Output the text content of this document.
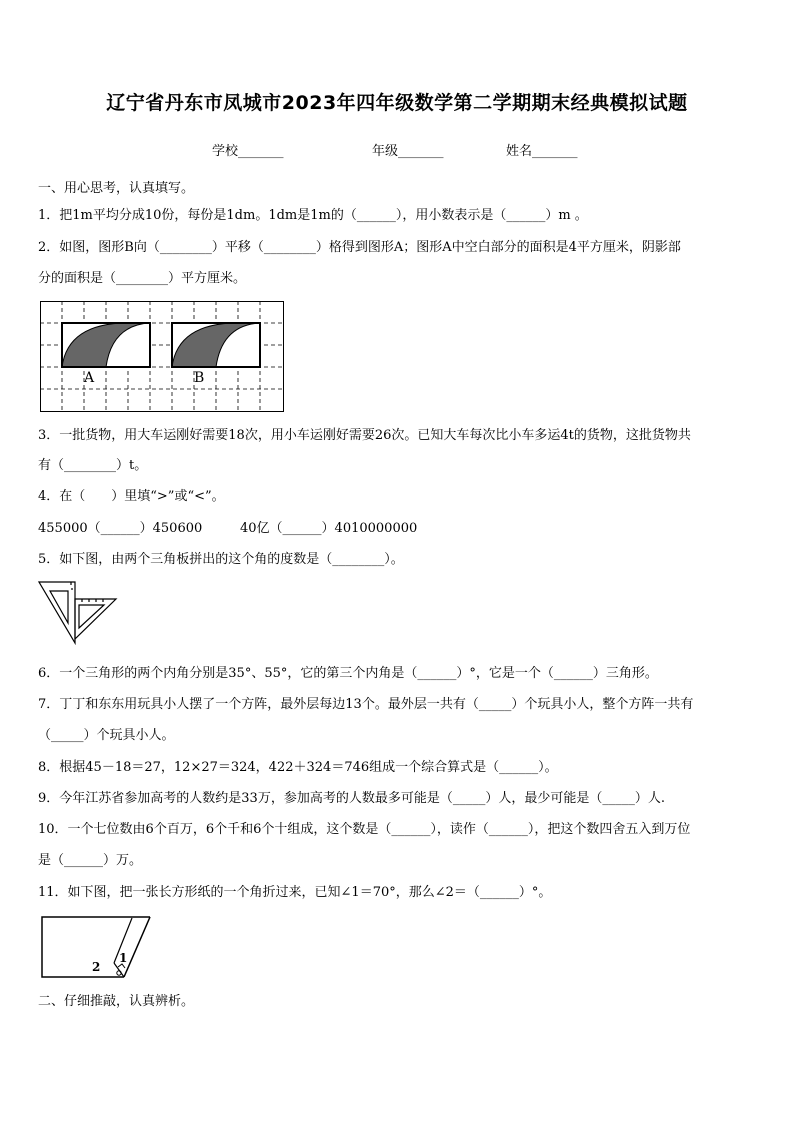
辽宁省丹东市凤城市2023年四年级数学第二学期期末经典模拟试题
学校_______	年级_______	姓名_______
一、用心思考，认真填写。
1．把1m平均分成10份，每份是1dm。1dm是1m的（______），用小数表示是（______）m 。
2．如图，图形B向（________）平移（________）格得到图形A；图形A中空白部分的面积是4平方厘米，阴影部
分的面积是（________）平方厘米。
A	B
3．一批货物，用大车运刚好需要18次，用小车运刚好需要26次。已知大车每次比小车多运4t的货物，这批货物共
有（________）t。
4．在（　　）里填“>”或“<”。
455000（______）450600	40亿（______）4010000000
5．如下图，由两个三角板拼出的这个角的度数是（________）。
6．一个三角形的两个内角分别是35°、55°，它的第三个内角是（______）°，它是一个（______）三角形。
7．丁丁和东东用玩具小人摆了一个方阵，最外层每边13个。最外层一共有（_____）个玩具小人，整个方阵一共有
（_____）个玩具小人。
8．根据45－18＝27，12×27＝324，422＋324＝746组成一个综合算式是（______）。
9．今年江苏省参加高考的人数约是33万，参加高考的人数最多可能是（_____）人，最少可能是（_____）人.
10．一个七位数由6个百万，6个千和6个十组成，这个数是（______），读作（______），把这个数四舍五入到万位
是（______）万。
11．如下图，把一张长方形纸的一个角折过来，已知∠1＝70°，那么∠2＝（______）°。
1
2
二、仔细推敲，认真辨析。
